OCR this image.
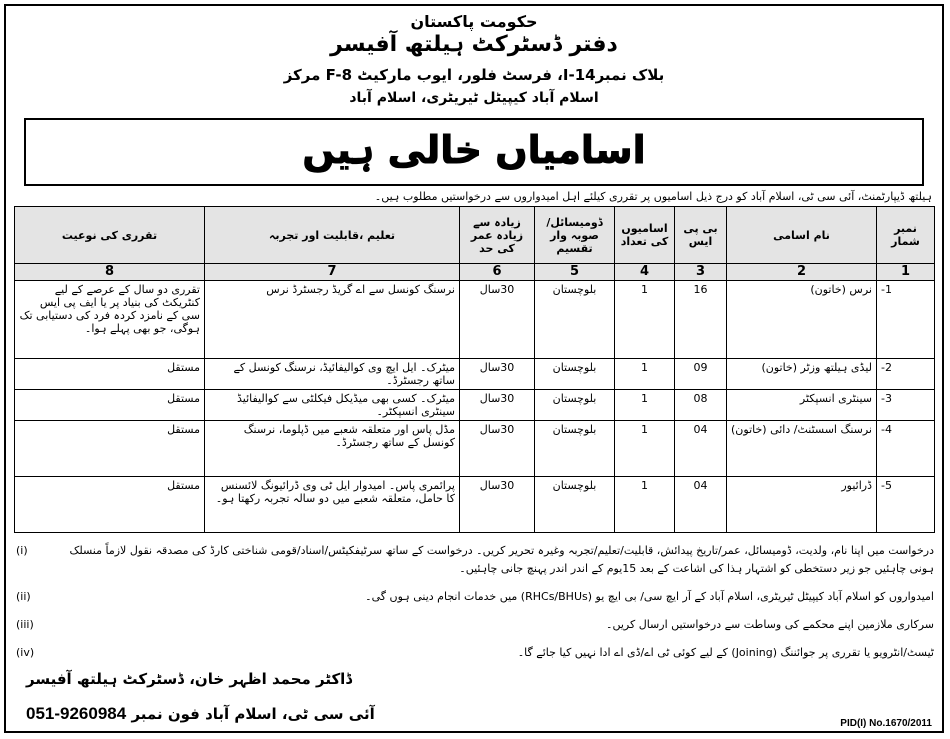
حکومت پاکستان
دفتر ڈسٹرکٹ ہیلتھ آفیسر
بلاک نمبر14-I، فرسٹ فلور، ایوب مارکیٹ F-8 مرکز
اسلام آباد کیپیٹل ٹیریٹری، اسلام آباد
اسامیاں خالی ہیں
ہیلتھ ڈیپارٹمنٹ، آئی سی ٹی، اسلام آباد کو درج ذیل اسامیوں پر تقرری کیلئے اہل امیدواروں سے درخواستیں مطلوب ہیں۔
نمبر شمار	نام اسامی	بی پی ایس	اسامیوں کی تعداد	ڈومیسائل/ صوبہ وار تقسیم	زیادہ سے زیادہ عمر کی حد	تعلیم ،قابلیت اور تجربہ	تقرری کی نوعیت
1	2	3	4	5	6	7	8
-1	نرس (خاتون)	16	1	بلوچستان	30سال	نرسنگ کونسل سے اے گریڈ رجسٹرڈ نرس	تقرری دو سال کے عرصے کے لیے کنٹریکٹ کی بنیاد پر یا ایف پی ایس سی کے نامزد کردہ فرد کی دستیابی تک ہوگی، جو بھی پہلے ہوا۔
-2	لیڈی ہیلتھ وزٹر (خاتون)	09	1	بلوچستان	30سال	میٹرک۔ ایل ایچ وی کوالیفائیڈ، نرسنگ کونسل کے ساتھ رجسٹرڈ۔	مستقل
-3	سینٹری انسپکٹر	08	1	بلوچستان	30سال	میٹرک۔ کسی بھی میڈیکل فیکلٹی سے کوالیفائیڈ سینٹری انسپکٹر۔	مستقل
-4	نرسنگ اسسٹنٹ/ دائی (خاتون)	04	1	بلوچستان	30سال	مڈل پاس اور متعلقہ شعبے میں ڈپلوما، نرسنگ کونسل کے ساتھ رجسٹرڈ۔	مستقل
-5	ڈرائیور	04	1	بلوچستان	30سال	پرائمری پاس۔ امیدوار ایل ٹی وی ڈرائیونگ لائسنس کا حامل، متعلقہ شعبے میں دو سالہ تجربہ رکھتا ہو۔	مستقل
(i)	درخواست میں اپنا نام، ولدیت، ڈومیسائل، عمر/تاریخ پیدائش، قابلیت/تعلیم/تجربہ وغیرہ تحریر کریں۔ درخواست کے ساتھ سرٹیفکیٹس/اسناد/قومی شناختی کارڈ کی مصدقہ نقول لازماً منسلک ہونی چاہئیں جو زیر دستخطی کو اشتہار ہذا کی اشاعت کے بعد 15یوم کے اندر اندر پہنچ جانی چاہئیں۔
(ii)	امیدواروں کو اسلام آباد کیپیٹل ٹیریٹری، اسلام آباد کے آر ایچ سی/ بی ایچ یو (RHCs/BHUs) میں خدمات انجام دینی ہوں گی۔
(iii)	سرکاری ملازمین اپنے محکمے کی وساطت سے درخواستیں ارسال کریں۔
(iv)	ٹیسٹ/انٹرویو یا تقرری پر جوائننگ (Joining) کے لیے کوئی ٹی اے/ڈی اے ادا نہیں کیا جائے گا۔
ڈاکٹر محمد اظہر خان، ڈسٹرکٹ ہیلتھ آفیسر
051-9260984 آئی سی ٹی، اسلام آباد فون نمبر
PID(I) No.1670/2011
